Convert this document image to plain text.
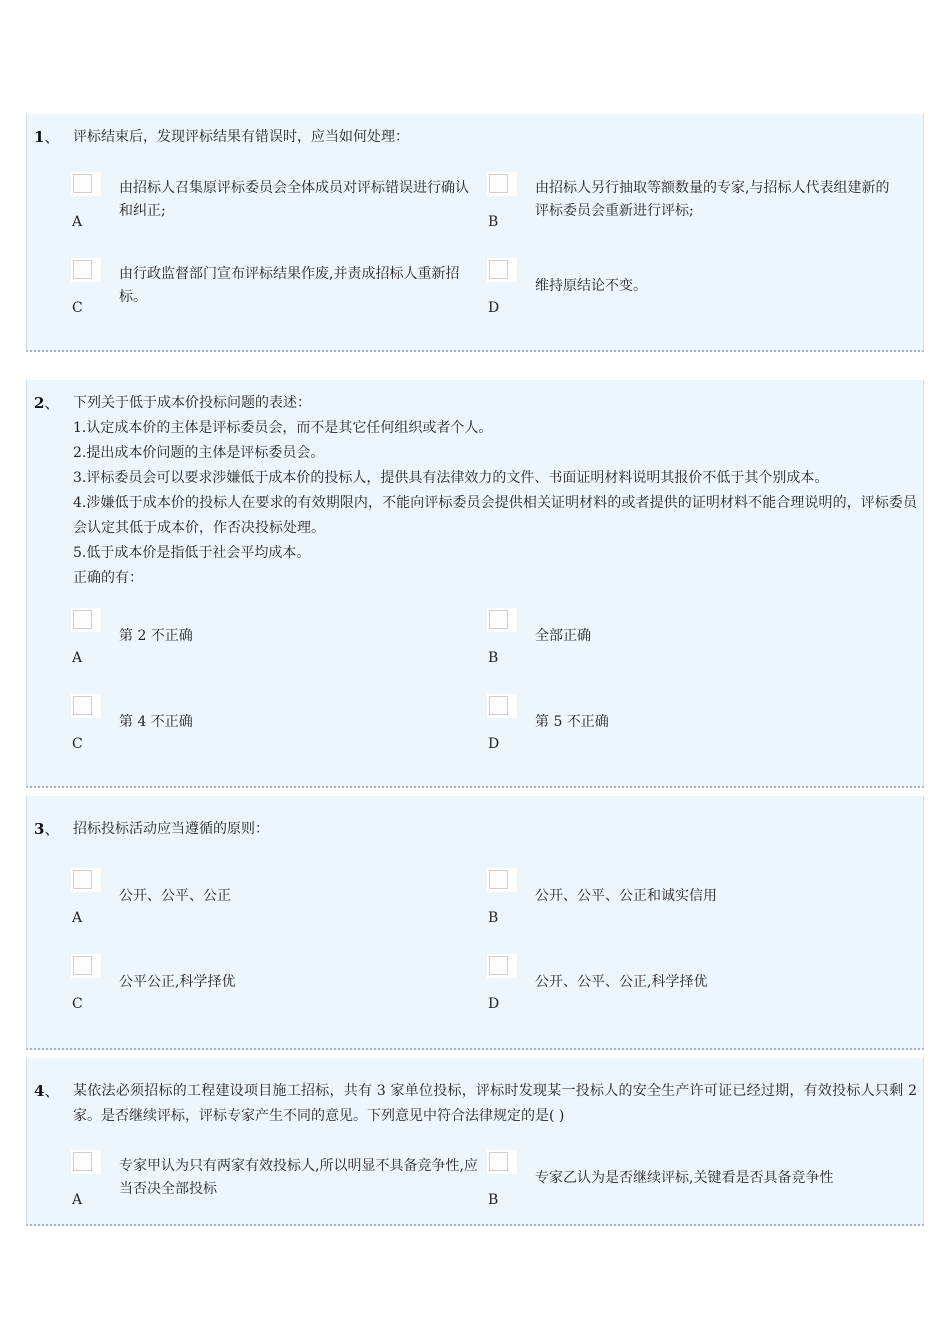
1、 评标结束后，发现评标结果有错误时，应当如何处理：
A
由招标人召集原评标委员会全体成员对评标错误进行确认和纠正;
B
由招标人另行抽取等额数量的专家,与招标人代表组建新的评标委员会重新进行评标;
C
由行政监督部门宣布评标结果作废,并责成招标人重新招标。
D
维持原结论不变。
2、 下列关于低于成本价投标问题的表述：
1.认定成本价的主体是评标委员会，而不是其它任何组织或者个人。
2.提出成本价问题的主体是评标委员会。
3.评标委员会可以要求涉嫌低于成本价的投标人，提供具有法律效力的文件、书面证明材料说明其报价不低于其个别成本。
4.涉嫌低于成本价的投标人在要求的有效期限内，不能向评标委员会提供相关证明材料的或者提供的证明材料不能合理说明的，评标委员会认定其低于成本价，作否决投标处理。
5.低于成本价是指低于社会平均成本。
正确的有：
A
第 2 不正确
B
全部正确
C
第 4 不正确
D
第 5 不正确
3、 招标投标活动应当遵循的原则：
A
公开、公平、公正
B
公开、公平、公正和诚实信用
C
公平公正,科学择优
D
公开、公平、公正,科学择优
4、 某依法必须招标的工程建设项目施工招标，共有 3 家单位投标，评标时发现某一投标人的安全生产许可证已经过期，有效投标人只剩 2 家。是否继续评标，评标专家产生不同的意见。下列意见中符合法律规定的是( )
A
专家甲认为只有两家有效投标人,所以明显不具备竞争性,应当否决全部投标
B
专家乙认为是否继续评标,关键看是否具备竞争性
